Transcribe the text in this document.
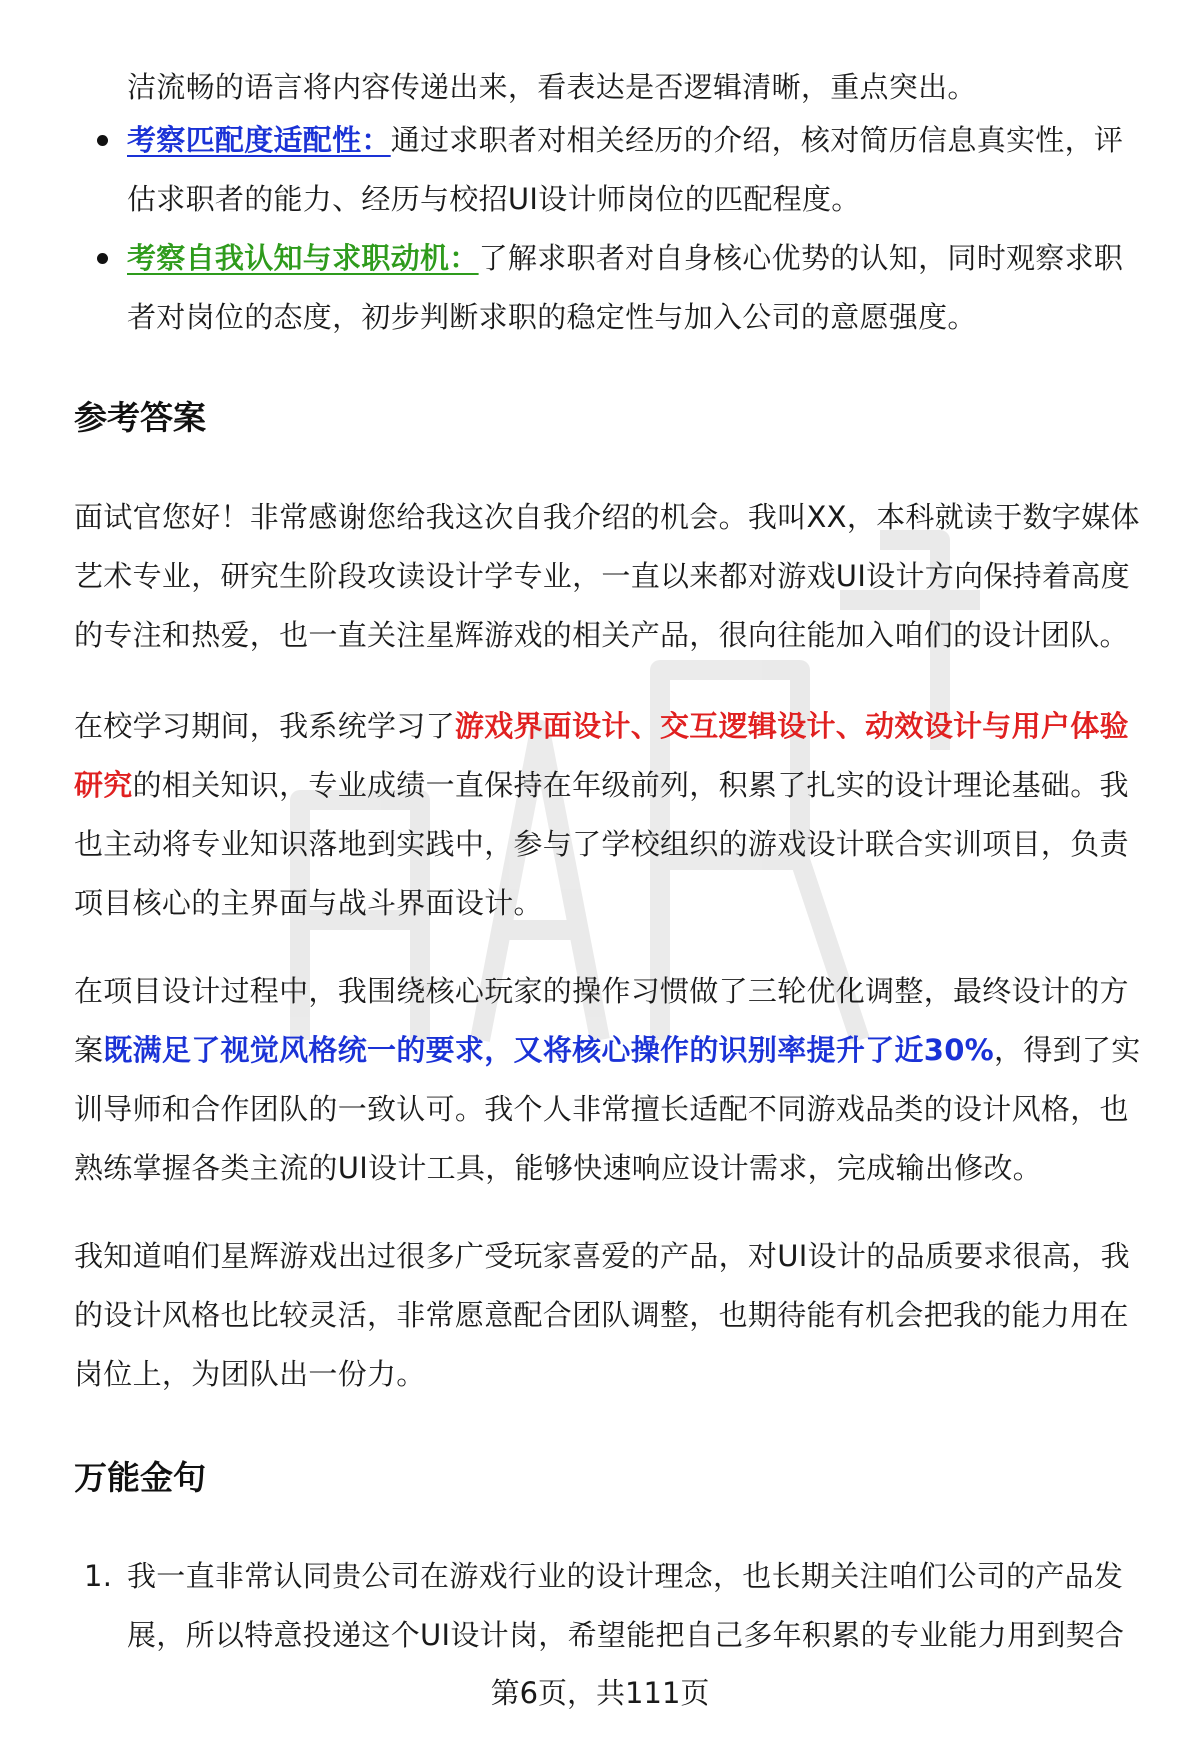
洁流畅的语言将内容传递出来，看表达是否逻辑清晰，重点突出。
考察匹配度适配性：通过求职者对相关经历的介绍，核对简历信息真实性，评估求职者的能力、经历与校招UI设计师岗位的匹配程度。
考察自我认知与求职动机：了解求职者对自身核心优势的认知，同时观察求职者对岗位的态度，初步判断求职的稳定性与加入公司的意愿强度。
参考答案

面试官您好！非常感谢您给我这次自我介绍的机会。我叫XX，本科就读于数字媒体艺术专业，研究生阶段攻读设计学专业，一直以来都对游戏UI设计方向保持着高度的专注和热爱，也一直关注星辉游戏的相关产品，很向往能加入咱们的设计团队。

在校学习期间，我系统学习了游戏界面设计、交互逻辑设计、动效设计与用户体验研究的相关知识，专业成绩一直保持在年级前列，积累了扎实的设计理论基础。我也主动将专业知识落地到实践中，参与了学校组织的游戏设计联合实训项目，负责项目核心的主界面与战斗界面设计。

在项目设计过程中，我围绕核心玩家的操作习惯做了三轮优化调整，最终设计的方案既满足了视觉风格统一的要求，又将核心操作的识别率提升了近30%，得到了实训导师和合作团队的一致认可。我个人非常擅长适配不同游戏品类的设计风格，也熟练掌握各类主流的UI设计工具，能够快速响应设计需求，完成输出修改。

我知道咱们星辉游戏出过很多广受玩家喜爱的产品，对UI设计的品质要求很高，我的设计风格也比较灵活，非常愿意配合团队调整，也期待能有机会把我的能力用在岗位上，为团队出一份力。

万能金句
1. 我一直非常认同贵公司在游戏行业的设计理念，也长期关注咱们公司的产品发展，所以特意投递这个UI设计岗，希望能把自己多年积累的专业能力用到契合
第6页，共111页
